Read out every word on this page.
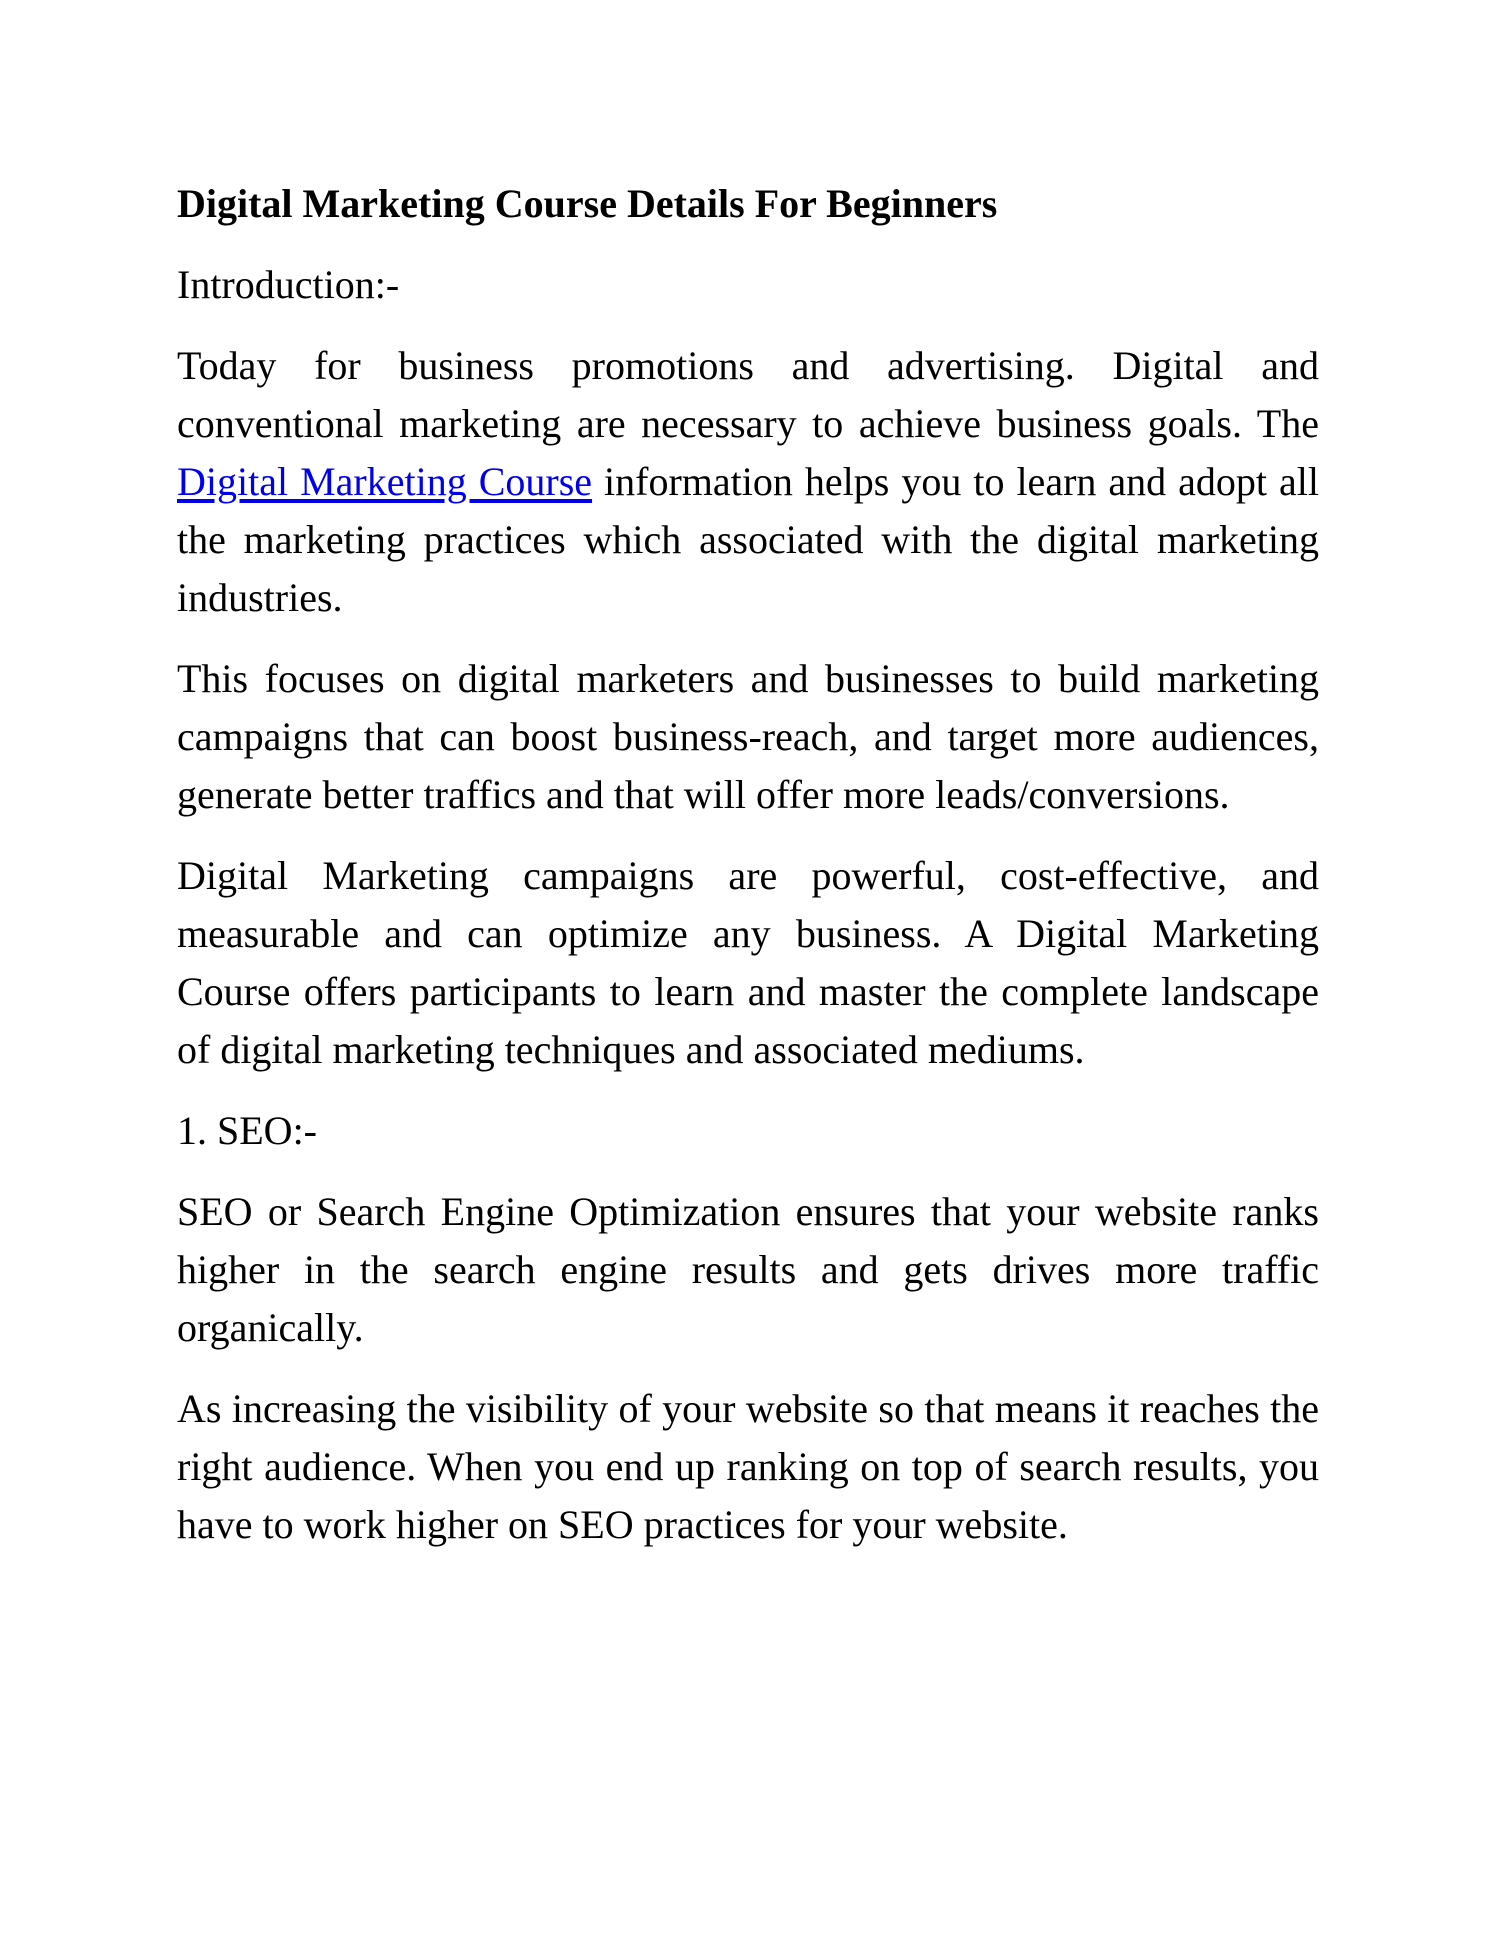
Digital Marketing Course Details For Beginners
Introduction:-

Today for business promotions and advertising. Digital and conventional marketing are necessary to achieve business goals. The Digital Marketing Course information helps you to learn and adopt all the marketing practices which associated with the digital marketing industries.

This focuses on digital marketers and businesses to build marketing campaigns that can boost business-reach, and target more audiences, generate better traffics and that will offer more leads/conversions.

Digital Marketing campaigns are powerful, cost-effective, and measurable and can optimize any business. A Digital Marketing Course offers participants to learn and master the complete landscape of digital marketing techniques and associated mediums.

1. SEO:-

SEO or Search Engine Optimization ensures that your website ranks higher in the search engine results and gets drives more traffic organically.

As increasing the visibility of your website so that means it reaches the right audience. When you end up ranking on top of search results, you have to work higher on SEO practices for your website.
